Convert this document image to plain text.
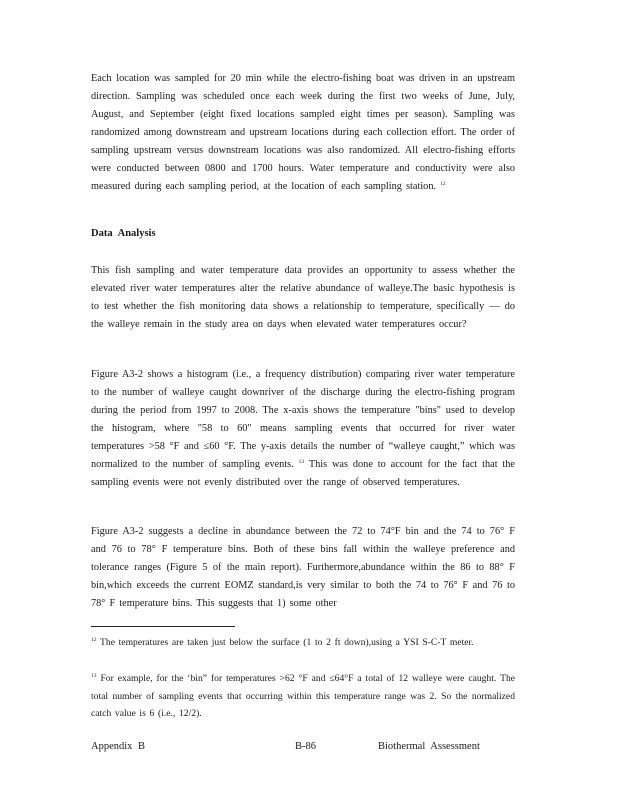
Each location was sampled for 20 min while the electro-fishing boat was driven in an upstream direction. Sampling was scheduled once each week during the first two weeks of June, July, August, and September (eight fixed locations sampled eight times per season). Sampling was randomized among downstream and upstream locations during each collection effort. The order of sampling upstream versus downstream locations was also randomized. All electro-fishing efforts were conducted between 0800 and 1700 hours. Water temperature and conductivity were also measured during each sampling period, at the location of each sampling station. $^{12}$

Data Analysis

This fish sampling and water temperature data provides an opportunity to assess whether the elevated river water temperatures alter the relative abundance of walleye.The basic hypothesis is to test whether the fish monitoring data shows a relationship to temperature, specifically — do the walleye remain in the study area on days when elevated water temperatures occur?

Figure A3-2 shows a histogram (i.e., a frequency distribution) comparing river water temperature to the number of walleye caught downriver of the discharge during the electro-fishing program during the period from 1997 to 2008. The x-axis shows the temperature "bins" used to develop the histogram, where "58 to 60" means sampling events that occurred for river water temperatures >58 °F and ≤60 °F. The y-axis details the number of “walleye caught,” which was normalized to the number of sampling events. $^{13}$ This was done to account for the fact that the sampling events were not evenly distributed over the range of observed temperatures.

Figure A3-2 suggests a decline in abundance between the 72 to 74°F bin and the 74 to 76° F and 76 to 78° F temperature bins. Both of these bins fall within the walleye preference and tolerance ranges (Figure 5 of the main report). Furthermore,abundance within the 86 to 88° F bin,which exceeds the current EOMZ standard,is very similar to both the 74 to 76° F and 76 to 78° F temperature bins. This suggests that 1) some other

$^{12}$ The temperatures are taken just below the surface (1 to 2 ft down),using a YSI S-C-T meter.

$^{13}$ For example, for the ‘bin” for temperatures >62 °F and ≤64°F a total of 12 walleye were caught. The total number of sampling events that occurring within this temperature range was 2. So the normalized catch value is 6 (i.e., 12/2).

Appendix B	B-86	Biothermal Assessment
